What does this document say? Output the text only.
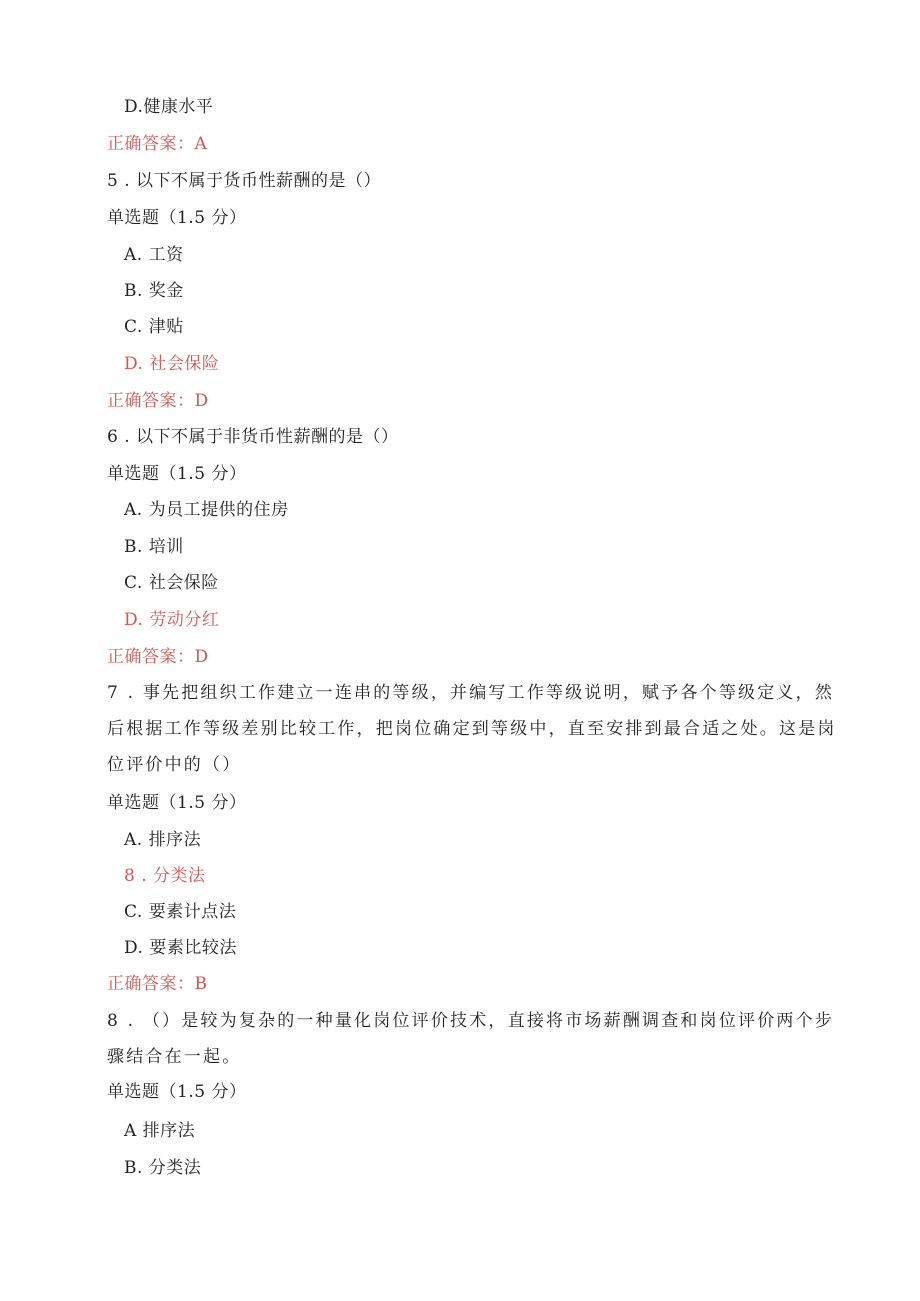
D.健康水平
正确答案：A
5 . 以下不属于货币性薪酬的是（）
单选题（1.5 分）
A. 工资
B. 奖金
C. 津贴
D. 社会保险
正确答案：D
6 . 以下不属于非货币性薪酬的是（）
单选题（1.5 分）
A. 为员工提供的住房
B. 培训
C. 社会保险
D. 劳动分红
正确答案：D
7 . 事先把组织工作建立一连串的等级，并编写工作等级说明，赋予各个等级定义，然
后根据工作等级差别比较工作，把岗位确定到等级中，直至安排到最合适之处。这是岗
位评价中的（）
单选题（1.5 分）
A. 排序法
8 . 分类法
C. 要素计点法
D. 要素比较法
正确答案：B
8 . （）是较为复杂的一种量化岗位评价技术，直接将市场薪酬调查和岗位评价两个步
骤结合在一起。
单选题（1.5 分）
A 排序法
B. 分类法
